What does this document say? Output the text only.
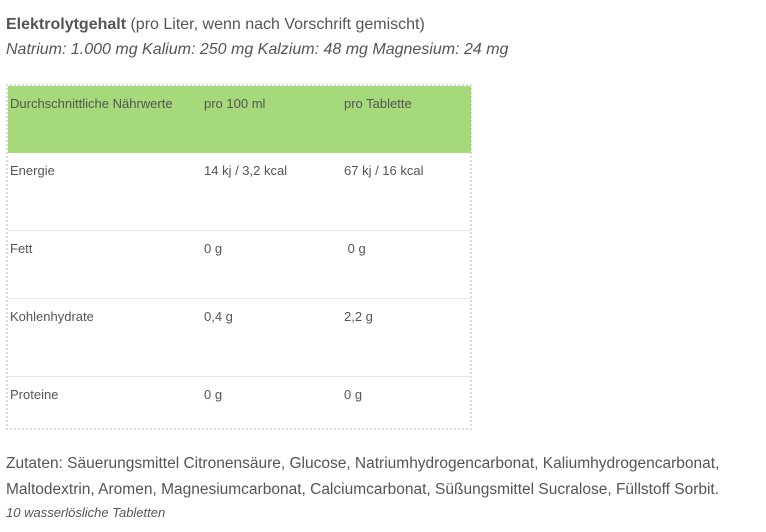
Elektrolytgehalt (pro Liter, wenn nach Vorschrift gemischt)
Natrium: 1.000 mg Kalium: 250 mg Kalzium: 48 mg Magnesium: 24 mg
Durchschnittliche Nährwerte	pro 100 ml	pro Tablette
Energie	14 kj / 3,2 kcal	67 kj / 16 kcal
Fett	0 g	0 g
Kohlenhydrate	0,4 g	2,2 g
Proteine	0 g	0 g
Zutaten: Säuerungsmittel Citronensäure, Glucose, Natriumhydrogencarbonat, Kaliumhydrogencarbonat, Maltodextrin, Aromen, Magnesiumcarbonat, Calciumcarbonat, Süßungsmittel Sucralose, Füllstoff Sorbit.
10 wasserlösliche Tabletten
